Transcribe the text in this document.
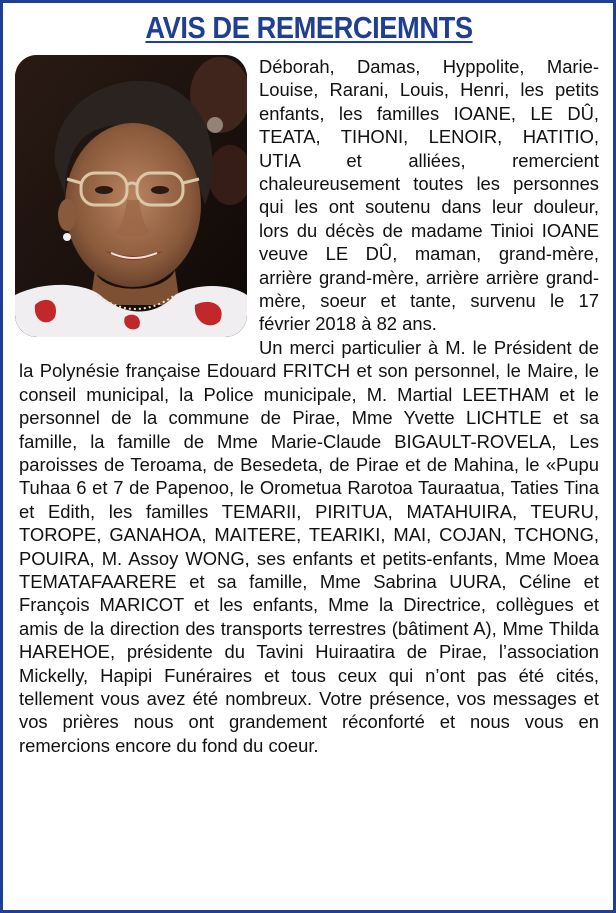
AVIS DE REMERCIEMNTS

Déborah, Damas, Hyppolite, Marie-Louise, Rarani, Louis, Henri, les petits enfants, les familles IOANE, LE DÛ, TEATA, TIHONI, LENOIR, HATITIO, UTIA et alliées, remercient chaleureusement toutes les personnes qui les ont soutenu dans leur douleur, lors du décès de madame Tinioi IOANE veuve LE DÛ, maman, grand-mère, arrière grand-mère, arrière arrière grand-mère, soeur et tante, survenu le 17 février 2018 à 82 ans.

Un merci particulier à M. le Président de la Polynésie française Edouard FRITCH et son personnel, le Maire, le conseil municipal, la Police municipale, M. Martial LEETHAM et le personnel de la commune de Pirae, Mme Yvette LICHTLE et sa famille, la famille de Mme Marie-Claude BIGAULT-ROVELA, Les paroisses de Teroama, de Besedeta, de Pirae et de Mahina, le «Pupu Tuhaa 6 et 7 de Papenoo, le Orometua Rarotoa Tauraatua, Taties Tina et Edith, les familles TEMARII, PIRITUA, MATAHUIRA, TEURU, TOROPE, GANAHOA, MAITERE, TEARIKI, MAI, COJAN, TCHONG, POUIRA, M. Assoy WONG, ses enfants et petits-enfants, Mme Moea TEMATAFAARERE et sa famille, Mme Sabrina UURA, Céline et François MARICOT et les enfants, Mme la Directrice, collègues et amis de la direction des transports terrestres (bâtiment A), Mme Thilda HAREHOE, présidente du Tavini Huiraatira de Pirae, l’association Mickelly, Hapipi Funéraires et tous ceux qui n’ont pas été cités, tellement vous avez été nombreux. Votre présence, vos messages et vos prières nous ont grandement réconforté et nous vous en remercions encore du fond du coeur.
